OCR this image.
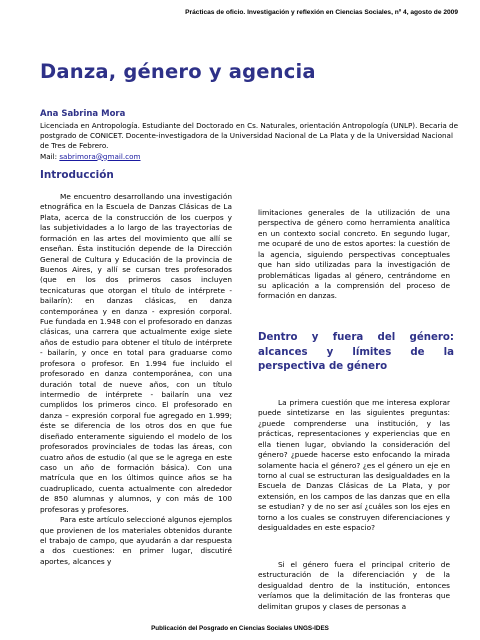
Prácticas de oficio. Investigación y reflexión en Ciencias Sociales, nº 4, agosto de 2009
Danza, género y agencia
Ana Sabrina Mora
Licenciada en Antropología. Estudiante del Doctorado en Cs. Naturales, orientación Antropología (UNLP). Becaria de postgrado de CONICET. Docente-investigadora de la Universidad Nacional de La Plata y de la Universidad Nacional de Tres de Febrero.
Mail: sabrimora@gmail.com
Introducción

Me encuentro desarrollando una investigación etnográfica en la Escuela de Danzas Clásicas de La Plata, acerca de la construcción de los cuerpos y las subjetividades a lo largo de las trayectorias de formación en las artes del movimiento que allí se enseñan. Ésta institución depende de la Dirección General de Cultura y Educación de la provincia de Buenos Aires, y allí se cursan tres profesorados (que en los dos primeros casos incluyen tecnicaturas que otorgan el título de intérprete - bailarín): en danzas clásicas, en danza contemporánea y en danza - expresión corporal. Fue fundada en 1.948 con el profesorado en danzas clásicas, una carrera que actualmente exige siete años de estudio para obtener el título de intérprete - bailarín, y once en total para graduarse como profesora o profesor. En 1.994 fue incluido el profesorado en danza contemporánea, con una duración total de nueve años, con un título intermedio de intérprete - bailarín una vez cumplidos los primeros cinco. El profesorado en danza – expresión corporal fue agregado en 1.999; éste se diferencia de los otros dos en que fue diseñado enteramente siguiendo el modelo de los profesorados provinciales de todas las áreas, con cuatro años de estudio (al que se le agrega en este caso un año de formación básica). Con una matrícula que en los últimos quince años se ha cuadruplicado, cuenta actualmente con alrededor de 850 alumnas y alumnos, y con más de 100 profesoras y profesores.

Para este artículo seleccioné algunos ejemplos que provienen de los materiales obtenidos durante el trabajo de campo, que ayudarán a dar respuesta a dos cuestiones: en primer lugar, discutiré aportes, alcances y

limitaciones generales de la utilización de una perspectiva de género como herramienta analítica en un contexto social concreto. En segundo lugar, me ocuparé de uno de estos aportes: la cuestión de la agencia, siguiendo perspectivas conceptuales que han sido utilizadas para la investigación de problemáticas ligadas al género, centrándome en su aplicación a la comprensión del proceso de formación en danzas.

Dentro y fuera del género: alcances y límites de la perspectiva de género

La primera cuestión que me interesa explorar puede sintetizarse en las siguientes preguntas: ¿puede comprenderse una institución, y las prácticas, representaciones y experiencias que en ella tienen lugar, obviando la consideración del género? ¿puede hacerse esto enfocando la mirada solamente hacia el género? ¿es el género un eje en torno al cual se estructuran las desigualdades en la Escuela de Danzas Clásicas de La Plata, y por extensión, en los campos de las danzas que en ella se estudian? y de no ser así ¿cuáles son los ejes en torno a los cuales se construyen diferenciaciones y desigualdades en este espacio?

Si el género fuera el principal criterio de estructuración de la diferenciación y de la desigualdad dentro de la institución, entonces veríamos que la delimitación de las fronteras que delimitan grupos y clases de personas a

Publicación del Posgrado en Ciencias Sociales UNGS-IDES
